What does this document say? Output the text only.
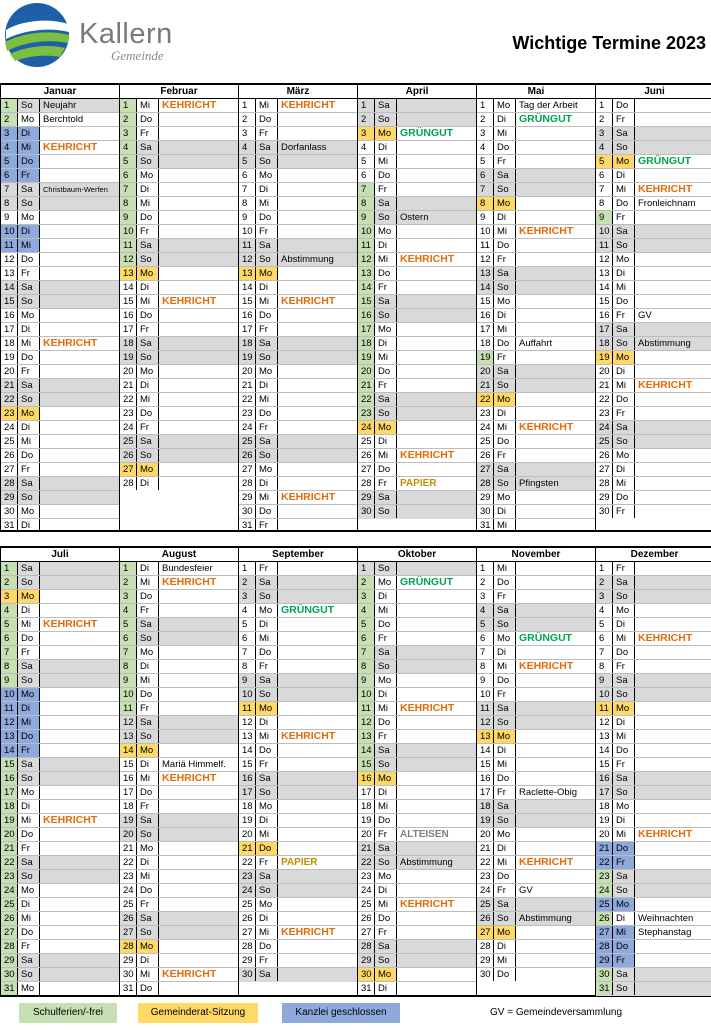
Kallern
Gemeinde
Wichtige Termine 2023
Januar
1	So	Neujahr
2	Mo Berchtold
3	Di
4	Mi	KEHRICHT
5	Do
6	Fr
7	Sa	Christbaum-Werfen
8	So
9	Mo
10 Di
11 Mi
12 Do
13 Fr
14 Sa
15 So
16 Mo
17 Di
18 Mi	KEHRICHT
19 Do
20 Fr
21 Sa
22 So
23 Mo
24 Di
25 Mi
26 Do
27 Fr
28 Sa
29 So
30 Mo
31 Di
Februar
1	Mi	KEHRICHT
2	Do
3	Fr
4	Sa
5	So
6	Mo
7	Di
8	Mi
9	Do
10 Fr
11 Sa
12 So
13 Mo
14 Di
15 Mi	KEHRICHT
16 Do
17 Fr
18 Sa
19 So
20 Mo
21 Di
22 Mi
23 Do
24 Fr
25 Sa
26 So
27 Mo
28 Di
März
1	Mi	KEHRICHT
2	Do
3	Fr
4	Sa	Dorfanlass
5	So
6	Mo
7	Di
8	Mi
9	Do
10 Fr
11 Sa
12 So	Abstimmung
13 Mo
14 Di
15 Mi	KEHRICHT
16 Do
17 Fr
18 Sa
19 So
20 Mo
21 Di
22 Mi
23 Do
24 Fr
25 Sa
26 So
27 Mo
28 Di
29 Mi	KEHRICHT
30 Do
31 Fr
April
1	Sa
2	So
3	Mo GRÜNGUT
4	Di
5	Mi
6	Do
7	Fr
8	Sa
9	So	Ostern
10 Mo
11 Di
12 Mi	KEHRICHT
13 Do
14 Fr
15 Sa
16 So
17 Mo
18 Di
19 Mi
20 Do
21 Fr
22 Sa
23 So
24 Mo
25 Di
26 Mi	KEHRICHT
27 Do
28 Fr	PAPIER
29 Sa
30 So
Mai
1	Mo Tag der Arbeit
2	Di	GRÜNGUT
3	Mi
4	Do
5	Fr
6	Sa
7	So
8	Mo
9	Di
10 Mi	KEHRICHT
11 Do
12 Fr
13 Sa
14 So
15 Mo
16 Di
17 Mi
18 Do	Auffahrt
19 Fr
20 Sa
21 So
22 Mo
23 Di
24 Mi	KEHRICHT
25 Do
26 Fr
27 Sa
28 So	Pfingsten
29 Mo
30 Di
31 Mi
Juni
1	Do
2	Fr
3	Sa
4	So
5	Mo GRÜNGUT
6	Di
7	Mi	KEHRICHT
8	Do	Fronleichnam
9	Fr
10 Sa
11 So
12 Mo
13 Di
14 Mi
15 Do
16 Fr	GV
17 Sa
18 So	Abstimmung
19 Mo
20 Di
21 Mi	KEHRICHT
22 Do
23 Fr
24 Sa
25 So
26 Mo
27 Di
28 Mi
29 Do
30 Fr
Juli
1	Sa
2	So
3	Mo
4	Di
5	Mi	KEHRICHT
6	Do
7	Fr
8	Sa
9	So
10 Mo
11 Di
12 Mi
13 Do
14 Fr
15 Sa
16 So
17 Mo
18 Di
19 Mi	KEHRICHT
20 Do
21 Fr
22 Sa
23 So
24 Mo
25 Di
26 Mi
27 Do
28 Fr
29 Sa
30 So
31 Mo
August
1	Di	Bundesfeier
2	Mi	KEHRICHT
3	Do
4	Fr
5	Sa
6	So
7	Mo
8	Di
9	Mi
10 Do
11 Fr
12 Sa
13 So
14 Mo
15 Di	Mariä Himmelf.
16 Mi	KEHRICHT
17 Do
18 Fr
19 Sa
20 So
21 Mo
22 Di
23 Mi
24 Do
25 Fr
26 Sa
27 So
28 Mo
29 Di
30 Mi	KEHRICHT
31 Do
September
1	Fr
2	Sa
3	So
4	Mo GRÜNGUT
5	Di
6	Mi
7	Do
8	Fr
9	Sa
10 So
11 Mo
12 Di
13 Mi	KEHRICHT
14 Do
15 Fr
16 Sa
17 So
18 Mo
19 Di
20 Mi
21 Do
22 Fr	PAPIER
23 Sa
24 So
25 Mo
26 Di
27 Mi	KEHRICHT
28 Do
29 Fr
30 Sa
Oktober
1	So
2	Mo GRÜNGUT
3	Di
4	Mi
5	Do
6	Fr
7	Sa
8	So
9	Mo
10 Di
11 Mi	KEHRICHT
12 Do
13 Fr
14 Sa
15 So
16 Mo
17 Di
18 Mi
19 Do
20 Fr	ALTEISEN
21 Sa
22 So	Abstimmung
23 Mo
24 Di
25 Mi	KEHRICHT
26 Do
27 Fr
28 Sa
29 So
30 Mo
31 Di
November
1	Mi
2	Do
3	Fr
4	Sa
5	So
6	Mo GRÜNGUT
7	Di
8	Mi	KEHRICHT
9	Do
10 Fr
11 Sa
12 So
13 Mo
14 Di
15 Mi
16 Do
17 Fr	Raclette-Obig
18 Sa
19 So
20 Mo
21 Di
22 Mi	KEHRICHT
23 Do
24 Fr	GV
25 Sa
26 So	Abstimmung
27 Mo
28 Di
29 Mi
30 Do
Dezember
1	Fr
2	Sa
3	So
4	Mo
5	Di
6	Mi	KEHRICHT
7	Do
8	Fr
9	Sa
10 So
11 Mo
12 Di
13 Mi
14 Do
15 Fr
16 Sa
17 So
18 Mo
19 Di
20 Mi	KEHRICHT
21 Do
22 Fr
23 Sa
24 So
25 Mo
26 Di	Weihnachten
27 Mi	Stephanstag
28 Do
29 Fr
30 Sa
31 So
Schulferien/-frei	Gemeinderat-Sitzung	Kanzlei geschlossen	GV = Gemeindeversammlung
